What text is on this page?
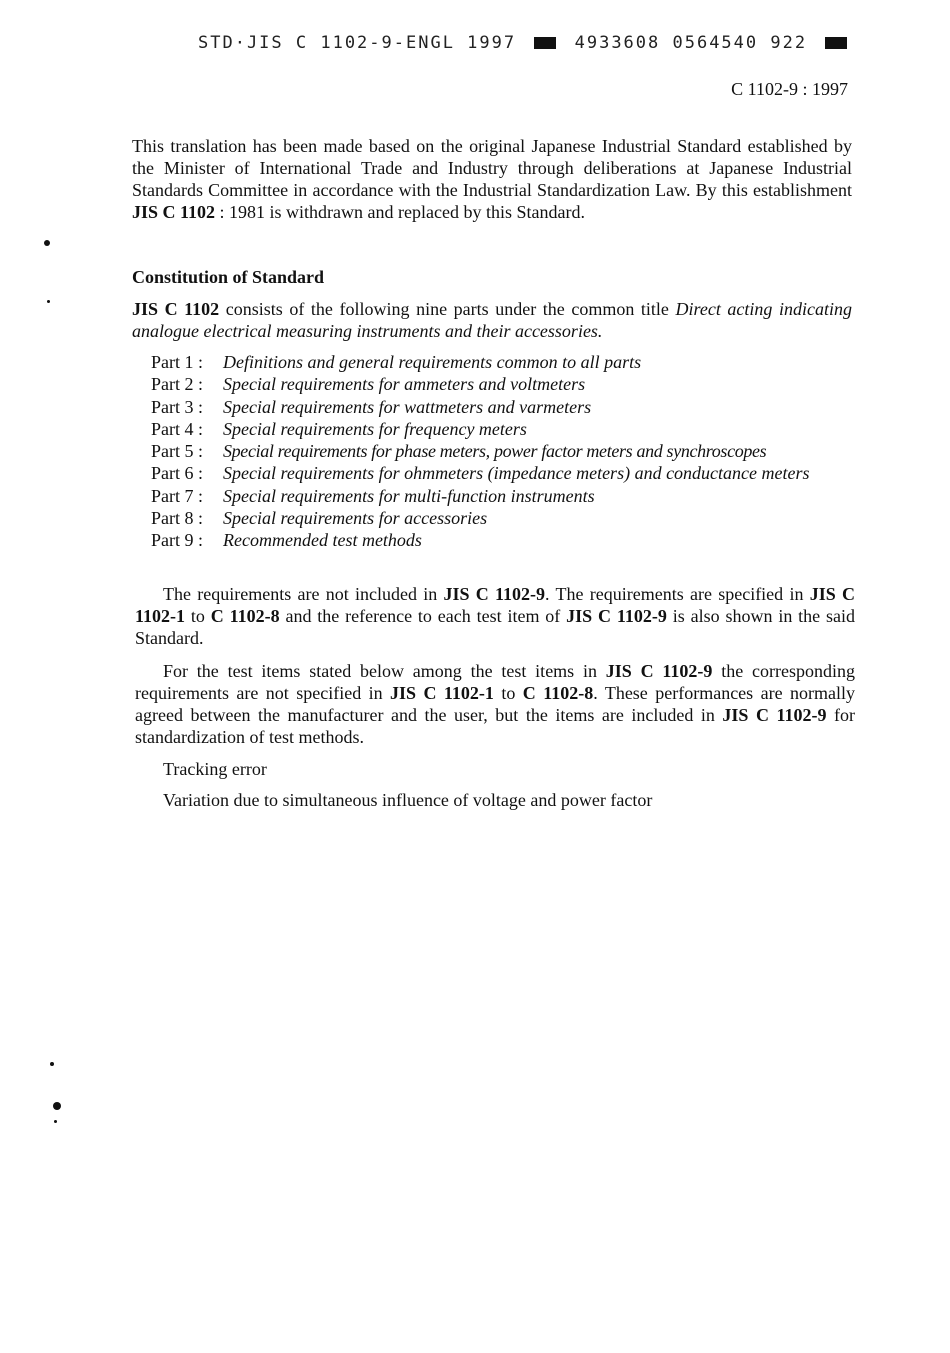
STD·JIS C 1102-9-ENGL 1997	4933608 0564540 922
C 1102-9 : 1997
This translation has been made based on the original Japanese Industrial Standard established by the Minister of International Trade and Industry through deliberations at Japanese Industrial Standards Committee in accordance with the Industrial Standardization Law. By this establishment JIS C 1102 : 1981 is withdrawn and replaced by this Standard.
Constitution of Standard
JIS C 1102 consists of the following nine parts under the common title Direct acting indicating analogue electrical measuring instruments and their accessories.
Part 1 :	Definitions and general requirements common to all parts
Part 2 :	Special requirements for ammeters and voltmeters
Part 3 :	Special requirements for wattmeters and varmeters
Part 4 :	Special requirements for frequency meters
Part 5 :	Special requirements for phase meters, power factor meters and synchroscopes
Part 6 :	Special requirements for ohmmeters (impedance meters) and conductance meters
Part 7 :	Special requirements for multi-function instruments
Part 8 :	Special requirements for accessories
Part 9 :	Recommended test methods
The requirements are not included in JIS C 1102-9. The requirements are specified in JIS C 1102-1 to C 1102-8 and the reference to each test item of JIS C 1102-9 is also shown in the said Standard.
For the test items stated below among the test items in JIS C 1102-9 the corresponding requirements are not specified in JIS C 1102-1 to C 1102-8. These performances are normally agreed between the manufacturer and the user, but the items are included in JIS C 1102-9 for standardization of test methods.
Tracking error
Variation due to simultaneous influence of voltage and power factor
